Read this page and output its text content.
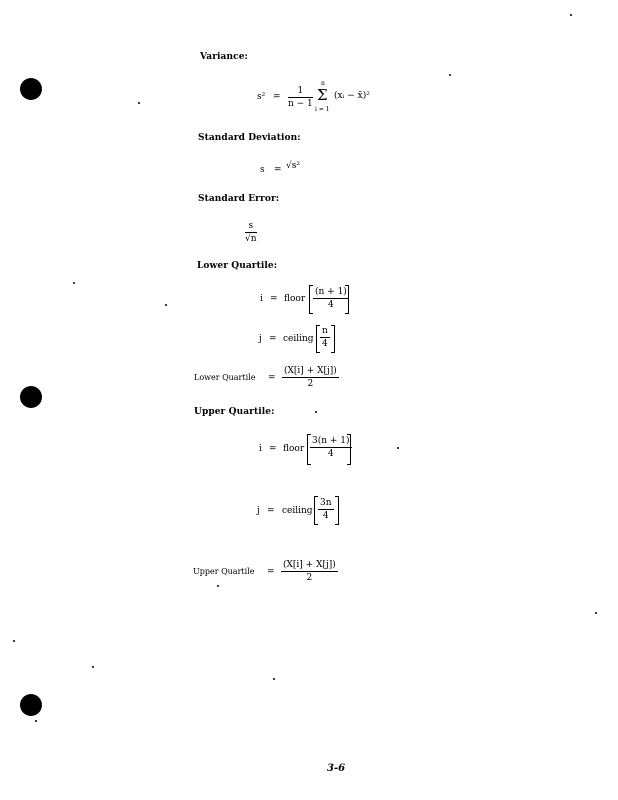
Variance:
s² =
1
n − 1
n
Σ
i = 1
(xᵢ − x̄)²
Standard Deviation:
s = √s²
Standard Error:
s
√n
Lower Quartile:
i = floor
(n + 1)
4
j = ceiling
n
4
Lower Quartile =
(X[i] + X[j])
2
Upper Quartile:
i = floor
3(n + 1)
4
j = ceiling
3n
4
Upper Quartile =
(X[i] + X[j])
2
3-6
